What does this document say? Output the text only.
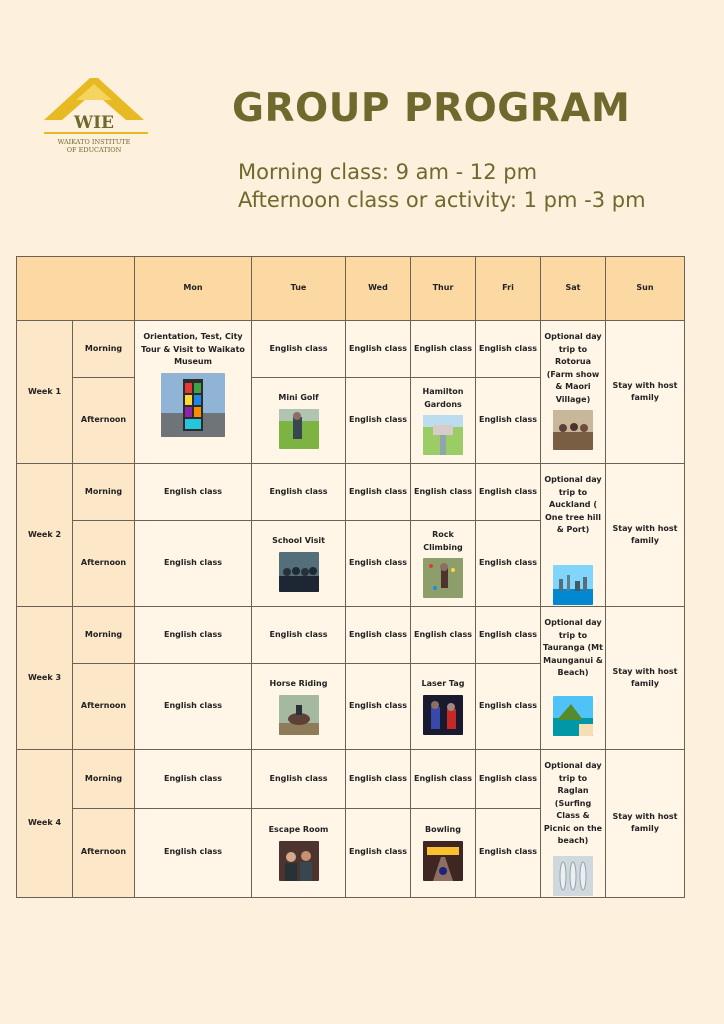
WIE
WAIKATO INSTITUTE
OF EDUCATION
GROUP PROGRAM
Morning class: 9 am - 12 pm
Afternoon class or activity: 1 pm -3 pm
		Mon	Tue	Wed	Thur	Fri	Sat	Sun
Week 1	Morning	Orientation, Test, City Tour & Visit to Waikato Museum	English class	English class	English class	English class	Optional day trip to Rotorua (Farm show & Maori Village)	Stay with host family
	Afternoon		Mini Golf	English class	Hamilton Gardons	English class		
Week 2	Morning	English class	English class	English class	English class	English class	Optional day trip to Auckland ( One tree hill & Port)	Stay with host family
	Afternoon	English class	School Visit	English class	Rock Climbing	English class		
Week 3	Morning	English class	English class	English class	English class	English class	Optional day trip to Tauranga (Mt Maunganui & Beach)	Stay with host family
	Afternoon	English class	Horse Riding	English class	Laser Tag	English class		
Week 4	Morning	English class	English class	English class	English class	English class	Optional day trip to Raglan (Surfing Class & Picnic on the beach)	Stay with host family
	Afternoon	English class	Escape Room	English class	Bowling	English class		
